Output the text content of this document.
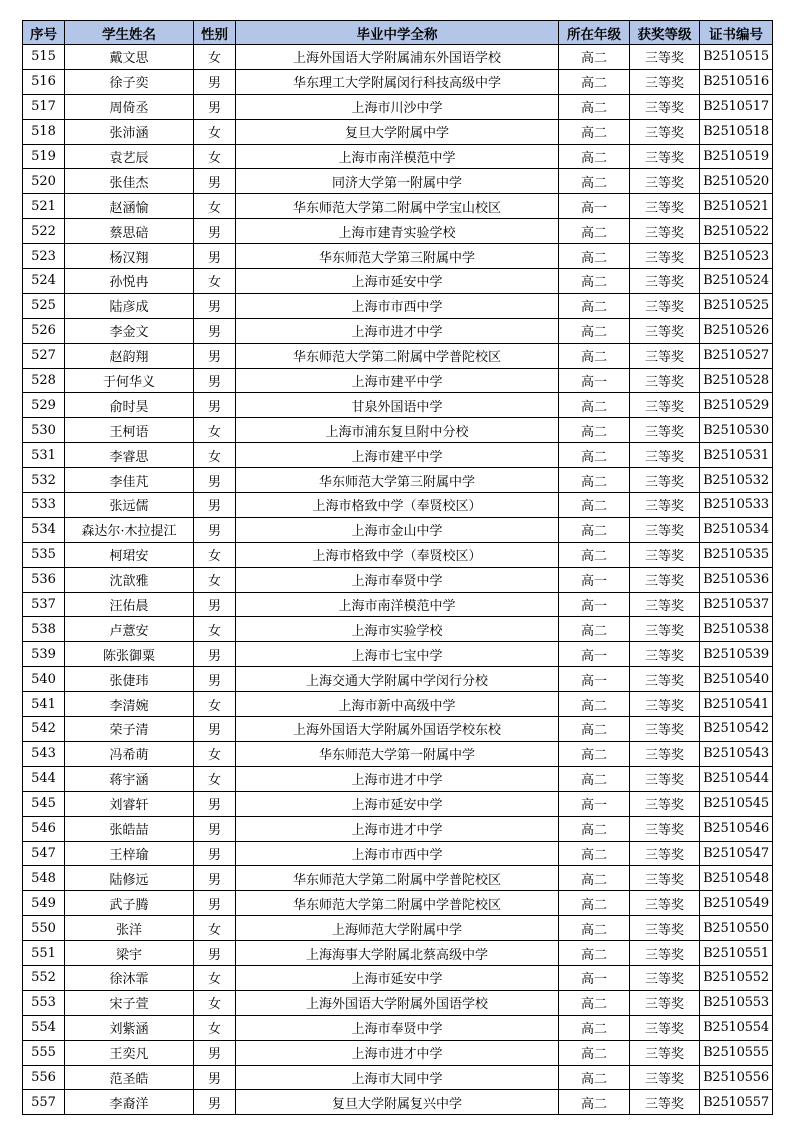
序号	学生姓名	性别	毕业中学全称	所在年级	获奖等级	证书编号
515	戴文思	女	上海外国语大学附属浦东外国语学校	高二	三等奖	B2510515
516	徐子奕	男	华东理工大学附属闵行科技高级中学	高二	三等奖	B2510516
517	周倚丞	男	上海市川沙中学	高二	三等奖	B2510517
518	张沛涵	女	复旦大学附属中学	高二	三等奖	B2510518
519	袁艺辰	女	上海市南洋模范中学	高二	三等奖	B2510519
520	张佳杰	男	同济大学第一附属中学	高二	三等奖	B2510520
521	赵涵愉	女	华东师范大学第二附属中学宝山校区	高一	三等奖	B2510521
522	蔡思碚	男	上海市建青实验学校	高二	三等奖	B2510522
523	杨汉翔	男	华东师范大学第三附属中学	高二	三等奖	B2510523
524	孙悦冉	女	上海市延安中学	高二	三等奖	B2510524
525	陆彦成	男	上海市市西中学	高二	三等奖	B2510525
526	李金文	男	上海市进才中学	高二	三等奖	B2510526
527	赵韵翔	男	华东师范大学第二附属中学普陀校区	高二	三等奖	B2510527
528	于何华义	男	上海市建平中学	高一	三等奖	B2510528
529	俞时昊	男	甘泉外国语中学	高二	三等奖	B2510529
530	王柯语	女	上海市浦东复旦附中分校	高二	三等奖	B2510530
531	李睿思	女	上海市建平中学	高二	三等奖	B2510531
532	李佳芃	男	华东师范大学第三附属中学	高二	三等奖	B2510532
533	张远儒	男	上海市格致中学（奉贤校区）	高二	三等奖	B2510533
534	森达尔·木拉提江	男	上海市金山中学	高二	三等奖	B2510534
535	柯珺安	女	上海市格致中学（奉贤校区）	高二	三等奖	B2510535
536	沈歆雅	女	上海市奉贤中学	高一	三等奖	B2510536
537	汪佑晨	男	上海市南洋模范中学	高一	三等奖	B2510537
538	卢薏安	女	上海市实验学校	高二	三等奖	B2510538
539	陈张御粟	男	上海市七宝中学	高一	三等奖	B2510539
540	张倢玮	男	上海交通大学附属中学闵行分校	高一	三等奖	B2510540
541	李清婉	女	上海市新中高级中学	高二	三等奖	B2510541
542	荣子清	男	上海外国语大学附属外国语学校东校	高二	三等奖	B2510542
543	冯希萌	女	华东师范大学第一附属中学	高二	三等奖	B2510543
544	蒋宇涵	女	上海市进才中学	高二	三等奖	B2510544
545	刘睿轩	男	上海市延安中学	高一	三等奖	B2510545
546	张皓喆	男	上海市进才中学	高二	三等奖	B2510546
547	王梓瑜	男	上海市市西中学	高二	三等奖	B2510547
548	陆修远	男	华东师范大学第二附属中学普陀校区	高二	三等奖	B2510548
549	武子腾	男	华东师范大学第二附属中学普陀校区	高二	三等奖	B2510549
550	张洋	女	上海师范大学附属中学	高二	三等奖	B2510550
551	梁宇	男	上海海事大学附属北蔡高级中学	高二	三等奖	B2510551
552	徐沐霏	女	上海市延安中学	高一	三等奖	B2510552
553	宋子萱	女	上海外国语大学附属外国语学校	高二	三等奖	B2510553
554	刘紫涵	女	上海市奉贤中学	高二	三等奖	B2510554
555	王奕凡	男	上海市进才中学	高二	三等奖	B2510555
556	范圣皓	男	上海市大同中学	高二	三等奖	B2510556
557	李裔洋	男	复旦大学附属复兴中学	高二	三等奖	B2510557
